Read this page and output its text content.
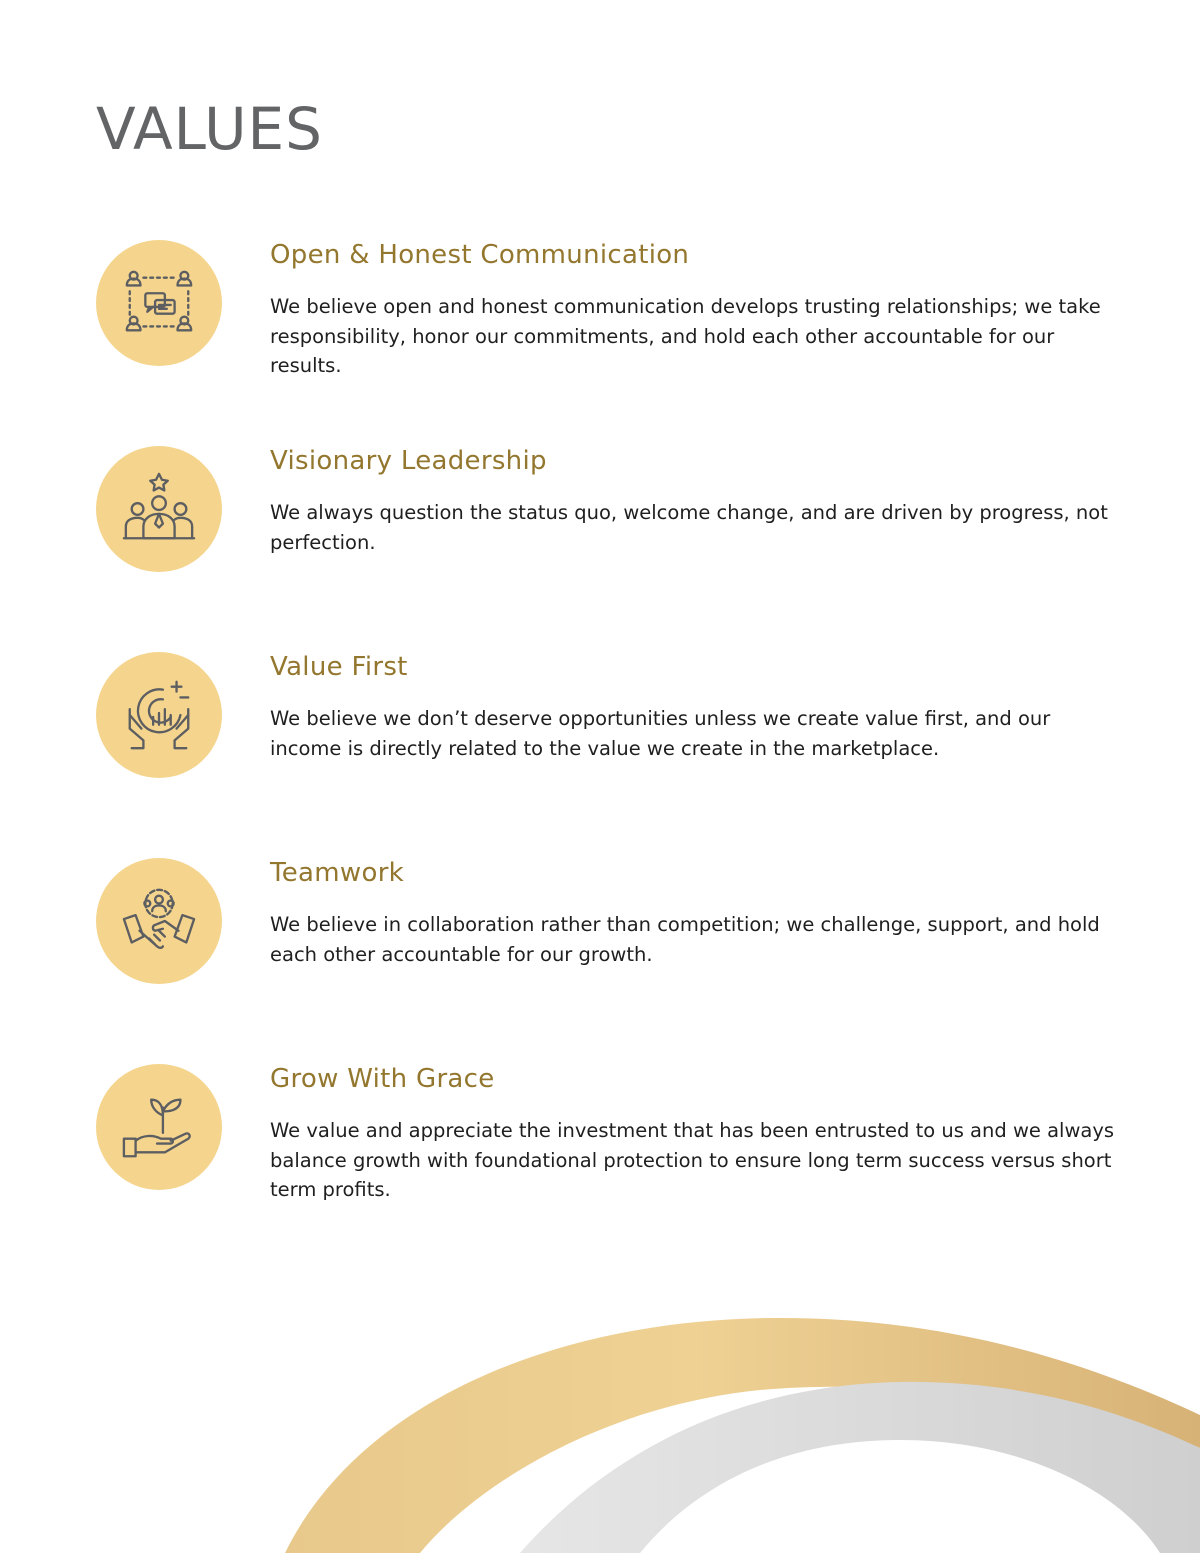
VALUES
Open & Honest Communication

We believe open and honest communication develops trusting relationships; we take responsibility, honor our commitments, and hold each other accountable for our results.

Visionary Leadership

We always question the status quo, welcome change, and are driven by progress, not perfection.

Value First

We believe we don’t deserve opportunities unless we create value first, and our income is directly related to the value we create in the marketplace.

Teamwork

We believe in collaboration rather than competition; we challenge, support, and hold each other accountable for our growth.

Grow With Grace

We value and appreciate the investment that has been entrusted to us and we always balance growth with foundational protection to ensure long term success versus short term profits.
